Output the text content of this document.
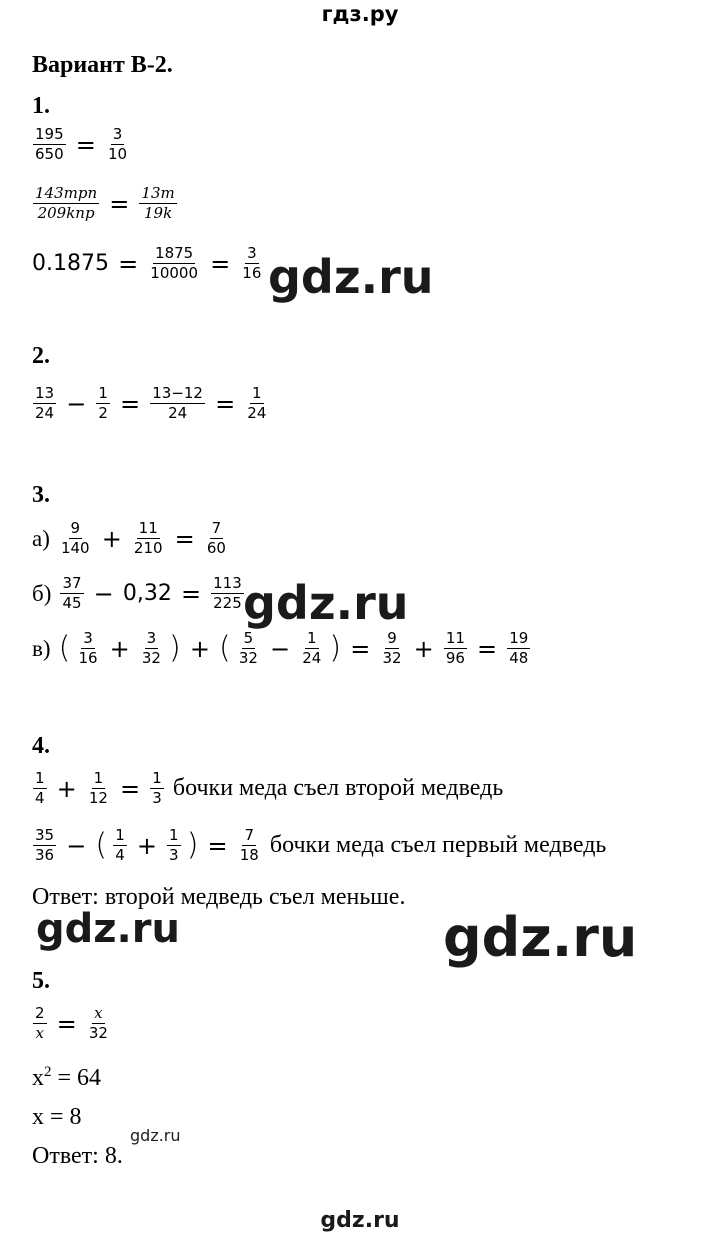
гдз.ру
Вариант В-2.
1.
$\frac{195}{650} = \frac{3}{10}$
$\frac{\text{143mpn}}{\text{209knp}} = \frac{13m}{19k}$
$0.1875 = \frac{1875}{10000} = \frac{3}{16} gdz.ru$
2.
$\frac{13}{24} - \frac{1}{2} = \frac{13-12}{24} = \frac{1}{24}$
3.
$а) \frac{9}{140} + \frac{11}{210} = \frac{7}{60}$
$б) \frac{37}{45} - 0,32 = \frac{113}{225} gdz.ru$
в) ( $\frac{3}{16} + \frac{3}{32}$ ) + ( $\frac{5}{32} - \frac{1}{24}$ ) = $\frac{9}{32} + \frac{11}{96} = \frac{19}{48}$
4.
$\frac{1}{4} + \frac{1}{12} = \frac{1}{3}$ бочки меда съел второй медведь
$\frac{35}{36}$ − ( $\frac{1}{4} + \frac{1}{3}$ ) = $\frac{7}{18}$ бочки меда съел первый медведь
Ответ: второй медведь съел меньше.
gdz.ru	gdz.ru
5.
$\frac{2}{x} = \frac{x}{32}$
$x^2 = 64$
x = 8
gdz.ru
Ответ: 8.
gdz.ru
